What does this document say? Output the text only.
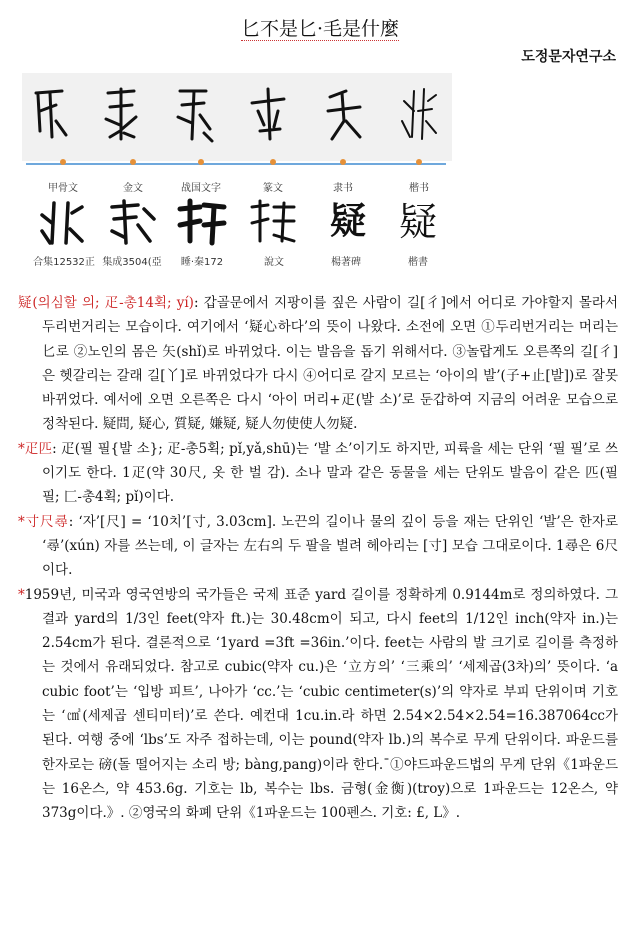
匕不是匕·毛是什麼
도정문자연구소
甲骨文	金文	战国文字	篆文	隶书	楷书
疑 疑
合集12532正 集成3504(亞	睡·秦172	說文	楊著碑	楷書

疑(의심할 의; 疋-총14획; yí): 갑골문에서 지팡이를 짚은 사람이 길[彳]에서 어디로 가야할지 몰라서 두리번거리는 모습이다. 여기에서 ‘疑心하다’의 뜻이 나왔다. 소전에 오면 ①두리번거리는 머리는 匕로 ②노인의 몸은 矢(shǐ)로 바뀌었다. 이는 발음을 돕기 위해서다. ③놀랍게도 오른쪽의 길[彳]은 헷갈리는 갈래 길[丫]로 바뀌었다가 다시 ④어디로 갈지 모르는 ‘아이의 발’(子+止[발])로 잘못 바뀌었다. 예서에 오면 오른쪽은 다시 ‘아이 머리+疋(발 소)’로 둔갑하여 지금의 어려운 모습으로 정착된다. 疑問, 疑心, 質疑, 嫌疑, 疑人勿使使人勿疑.

*疋匹: 疋(필 필{발 소}; 疋-총5획; pǐ,yǎ,shū)는 ‘발 소’이기도 하지만, 피륙을 세는 단위 ‘필 필’로 쓰이기도 한다. 1疋(약 30尺, 옷 한 벌 감). 소나 말과 같은 동물을 세는 단위도 발음이 같은 匹(필 필; 匚-총4획; pǐ)이다.

*寸尺尋: ‘자’[尺] = ‘10치’[寸, 3.03cm]. 노끈의 길이나 물의 깊이 등을 재는 단위인 ‘발’은 한자로 ‘尋’(xún) 자를 쓰는데, 이 글자는 左右의 두 팔을 벌려 헤아리는 [寸] 모습 그대로이다. 1尋은 6尺이다.

*1959년, 미국과 영국연방의 국가들은 국제 표준 yard 길이를 정확하게 0.9144m로 정의하였다. 그 결과 yard의 1/3인 feet(약자 ft.)는 30.48cm이 되고, 다시 feet의 1/12인 inch(약자 in.)는 2.54cm가 된다. 결론적으로 ‘1yard =3ft =36in.’이다. feet는 사람의 발 크기로 길이를 측정하는 것에서 유래되었다. 참고로 cubic(약자 cu.)은 ‘立方의’ ‘三乘의’ ‘세제곱(3차)의’ 뜻이다. ‘a cubic foot’는 ‘입방 피트’, 나아가 ‘cc.’는 ‘cubic centimeter(s)’의 약자로 부피 단위이며 기호는 ‘㎤(세제곱 센티미터)’로 쓴다. 예컨대 1cu.in.라 하면 2.54×2.54×2.54=16.387064cc가 된다. 여행 중에 ‘lbs’도 자주 접하는데, 이는 pound(약자 lb.)의 복수로 무게 단위이다. 파운드를 한자로는 磅(돌 떨어지는 소리 방; bàng,pang)이라 한다.¯①야드파운드법의 무게 단위《1파운드는 16온스, 약 453.6g. 기호는 lb, 복수는 lbs. 금형(金衡)(troy)으로 1파운드는 12온스, 약 373g이다.》. ②영국의 화폐 단위《1파운드는 100펜스. 기호: £, L》.
